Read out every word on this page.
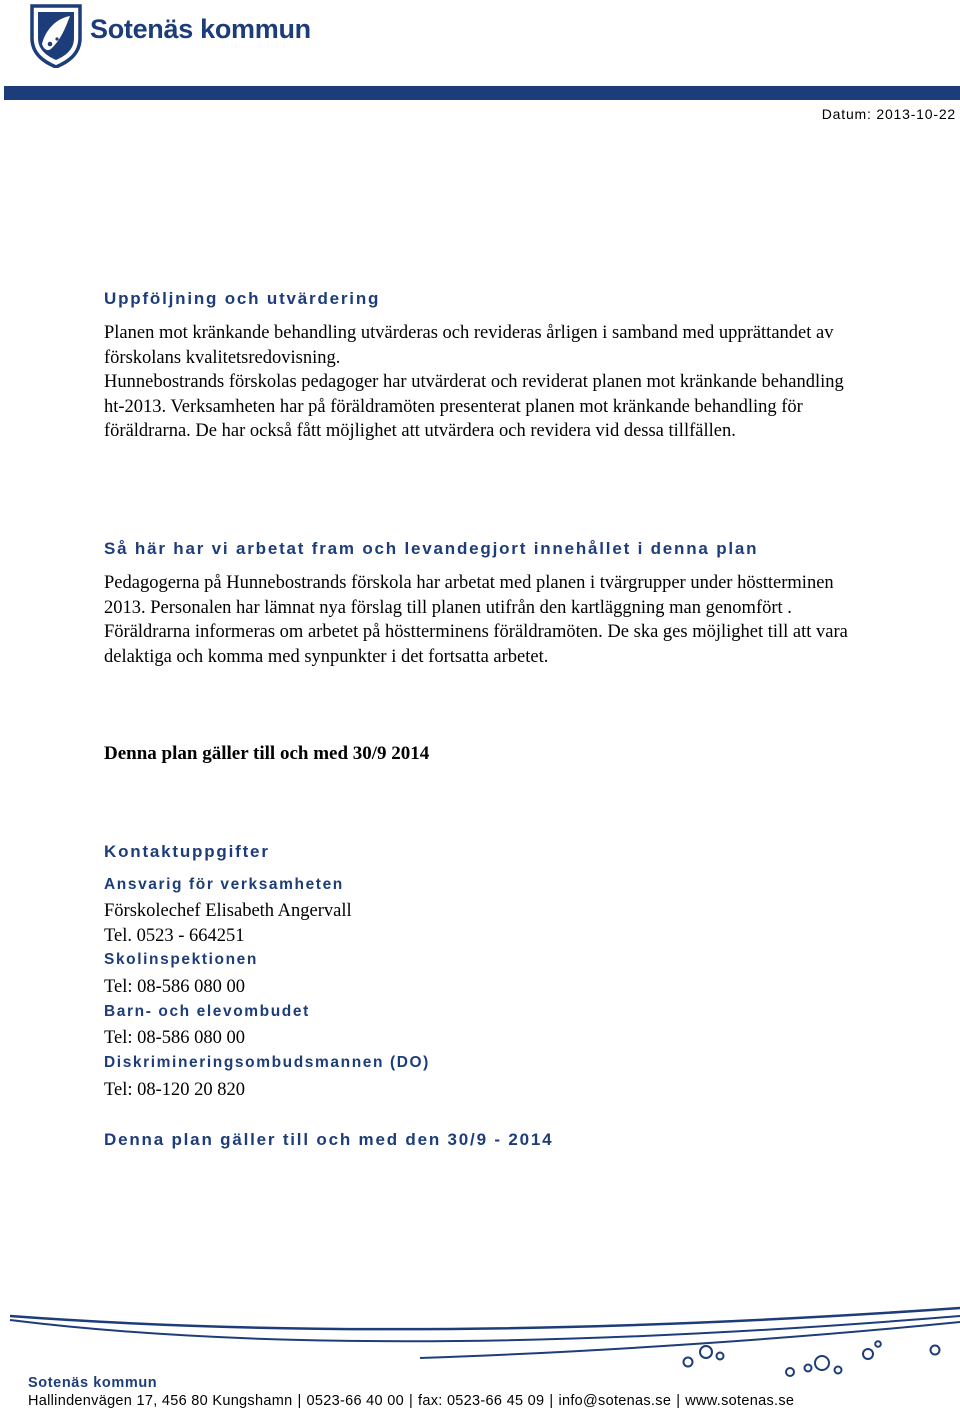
Sotenäs kommun
Datum: 2013-10-22
Uppföljning och utvärdering

Planen mot kränkande behandling utvärderas och revideras årligen i samband med upprättandet av förskolans kvalitetsredovisning.

Hunnebostrands förskolas pedagoger har utvärderat och reviderat planen mot kränkande behandling ht-2013. Verksamheten har på föräldramöten presenterat planen mot kränkande behandling för föräldrarna. De har också fått möjlighet att utvärdera och revidera vid dessa tillfällen.

Så här har vi arbetat fram och levandegjort innehållet i denna plan

Pedagogerna på Hunnebostrands förskola har arbetat med planen i tvärgrupper under höstterminen 2013. Personalen har lämnat nya förslag till planen utifrån den kartläggning man genomfört . Föräldrarna informeras om arbetet på höstterminens föräldramöten. De ska ges möjlighet till att vara delaktiga och komma med synpunkter i det fortsatta arbetet.

Denna plan gäller till och med 30/9 2014
Kontaktuppgifter
Ansvarig för verksamheten
Förskolechef Elisabeth Angervall
Tel. 0523 - 664251
Skolinspektionen
Tel: 08-586 080 00
Barn- och elevombudet
Tel: 08-586 080 00
Diskrimineringsombudsmannen (DO)
Tel: 08-120 20 820
Denna plan gäller till och med den 30/9 - 2014
Sotenäs kommun
Hallindenvägen 17, 456 80 Kungshamn | 0523-66 40 00 | fax: 0523-66 45 09 | info@sotenas.se | www.sotenas.se
